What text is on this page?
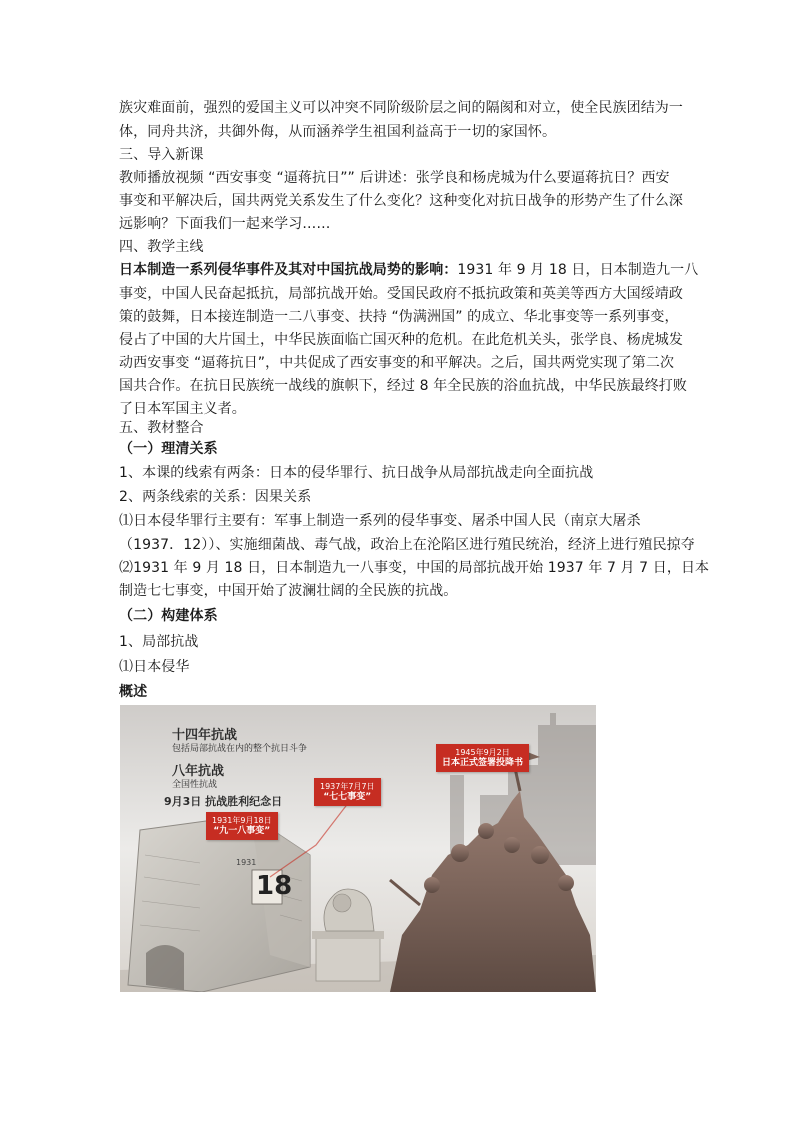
族灾难面前，强烈的爱国主义可以冲突不同阶级阶层之间的隔阂和对立，使全民族团结为一
体，同舟共济，共御外侮，从而涵养学生祖国利益高于一切的家国怀。
三、导入新课
教师播放视频 “西安事变 “逼蒋抗日”” 后讲述：张学良和杨虎城为什么要逼蒋抗日？西安
事变和平解决后，国共两党关系发生了什么变化？这种变化对抗日战争的形势产生了什么深
远影响？下面我们一起来学习……
四、教学主线
日本制造一系列侵华事件及其对中国抗战局势的影响：1931 年 9 月 18 日，日本制造九一八
事变，中国人民奋起抵抗，局部抗战开始。受国民政府不抵抗政策和英美等西方大国绥靖政
策的鼓舞，日本接连制造一二八事变、扶持 “伪满洲国” 的成立、华北事变等一系列事变，
侵占了中国的大片国土，中华民族面临亡国灭种的危机。在此危机关头，张学良、杨虎城发
动西安事变 “逼蒋抗日”，中共促成了西安事变的和平解决。之后，国共两党实现了第二次
国共合作。在抗日民族统一战线的旗帜下，经过 8 年全民族的浴血抗战，中华民族最终打败
了日本军国主义者。
五、教材整合
（一）理清关系
1、本课的线索有两条：日本的侵华罪行、抗日战争从局部抗战走向全面抗战
2、两条线索的关系：因果关系
⑴日本侵华罪行主要有：军事上制造一系列的侵华事变、屠杀中国人民（南京大屠杀
（1937．12））、实施细菌战、毒气战，政治上在沦陷区进行殖民统治，经济上进行殖民掠夺
⑵1931 年 9 月 18 日，日本制造九一八事变，中国的局部抗战开始 1937 年 7 月 7 日，日本
制造七七事变，中国开始了波澜壮阔的全民族的抗战。
（二）构建体系
1、局部抗战
⑴日本侵华
概述
十四年抗战
包括局部抗战在内的整个抗日斗争
八年抗战
全国性抗战
9月3日 抗战胜利纪念日
1931年9月18日
“九一八事变”
1937年7月7日
“七七事变”
1945年9月2日
日本正式签署投降书
1931
18
